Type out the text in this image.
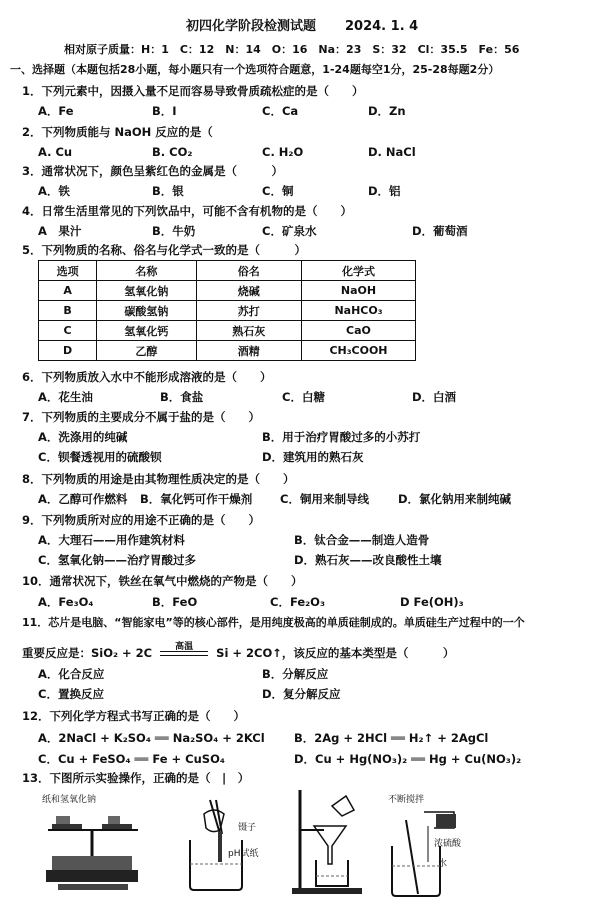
初四化学阶段检测试题 2024. 1. 4
相对原子质量：H：1　C：12　N：14　O：16　Na：23　S：32　Cl：35.5　Fe：56
一、选择题（本题包括28小题，每小题只有一个选项符合题意，1-24题每空1分，25-28每题2分）
1．下列元素中，因摄入量不足而容易导致骨质疏松症的是（　　）
A．Fe	B．I	C．Ca	D．Zn
2．下列物质能与 NaOH 反应的是（
A. Cu	B. CO₂	C. H₂O	D. NaCl
3．通常状况下，颜色呈紫红色的金属是（　　　）
A．铁	B．银	C．铜	D．铝
4．日常生活里常见的下列饮品中，可能不含有机物的是（　　）
A　果汁	B．牛奶	C．矿泉水	D．葡萄酒
5．下列物质的名称、俗名与化学式一致的是（　　　）
选项	名称	俗名	化学式
A	氢氧化钠	烧碱	NaOH
B	碳酸氢钠	苏打	NaHCO₃
C	氢氧化钙	熟石灰	CaO
D	乙醇	酒精	CH₃COOH
6．下列物质放入水中不能形成溶液的是（　　）
A．花生油	B．食盐	C．白糖	D．白酒
7．下列物质的主要成分不属于盐的是（　　）
A．洗涤用的纯碱	B．用于治疗胃酸过多的小苏打
C．钡餐透视用的硫酸钡	D．建筑用的熟石灰
8．下列物质的用途是由其物理性质决定的是（　　）
A．乙醇可作燃料 B．氧化钙可作干燥剂 C．铜用来制导线	D．氯化钠用来制纯碱
9．下列物质所对应的用途不正确的是（　　）
A．大理石——用作建筑材料	B．钛合金——制造人造骨
C．氢氧化钠——治疗胃酸过多	D．熟石灰——改良酸性土壤
10．通常状况下，铁丝在氧气中燃烧的产物是（　　）
A．Fe₃O₄	B．FeO	C．Fe₂O₃	D Fe(OH)₃
11．芯片是电脑、“智能家电”等的核心部件，是用纯度极高的单质硅制成的。单质硅生产过程中的一个
重要反应是：SiO₂ + 2C	高温	Si + 2CO↑，该反应的基本类型是（　　　）
A．化合反应	B．分解反应
C．置换反应	D．复分解反应
12．下列化学方程式书写正确的是（　　）
A．2NaCl + K₂SO₄ ══ Na₂SO₄ + 2KCl	B．2Ag + 2HCl ══ H₂↑ + 2AgCl
C．Cu + FeSO₄ ══ Fe + CuSO₄	D．Cu + Hg(NO₃)₂ ══ Hg + Cu(NO₃)₂
13．下图所示实验操作，正确的是（　|　）
纸和氢氧化钠
镊子
pH试纸
不断搅拌
浓硫酸
水
